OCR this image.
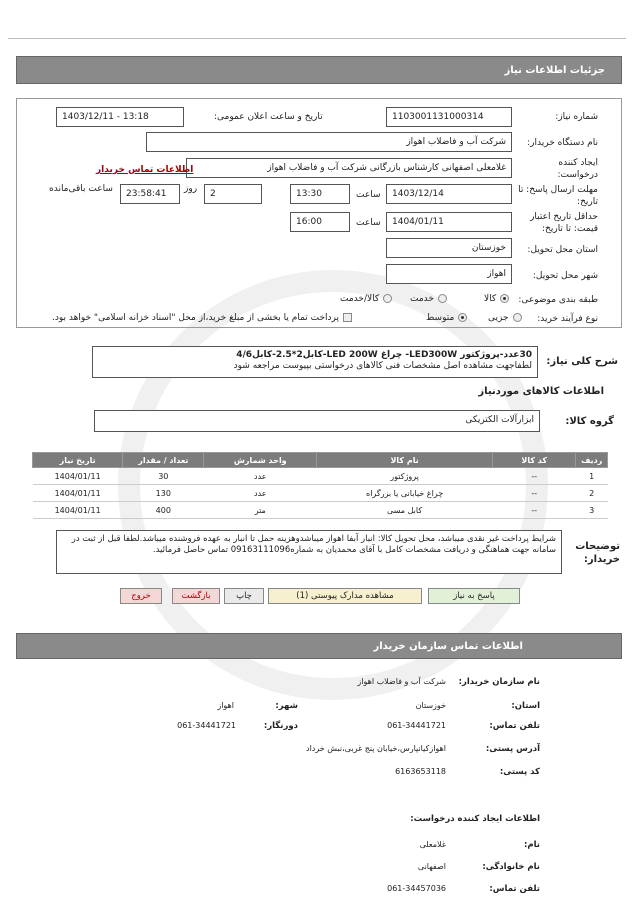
جزئیات اطلاعات نیاز
شماره نیاز:
1103001131000314
تاریخ و ساعت اعلان عمومی:
1403/12/11 - 13:18
نام دستگاه خریدار:
شرکت آب و فاضلاب اهواز
ایجاد کننده درخواست:
غلامعلی اصفهانی کارشناس بازرگانی شرکت آب و فاضلاب اهواز
اطلاعات تماس خریدار
مهلت ارسال پاسخ: تا تاریخ:
1403/12/14
ساعت
13:30
2
روز
23:58:41
ساعت باقی‌مانده
حداقل تاریخ اعتبار قیمت: تا تاریخ:
1404/01/11
ساعت
16:00
استان محل تحویل:
خوزستان
شهر محل تحویل:
اهواز
طبقه بندی موضوعی:
کالا
خدمت
کالا/خدمت
نوع فرآیند خرید:
جزیی
متوسط
پرداخت تمام یا بخشی از مبلغ خرید،از محل "اسناد خزانه اسلامی" خواهد بود.
شرح کلی نیاز:
30عدد-پروژکتور LED300W- چراغ LED 200W-کابل2*2.5-کابل4/6
لطفاجهت مشاهده اصل مشخصات فنی کالاهای درخواستی بپیوست مراجعه شود
اطلاعات کالاهای موردنیاز
گروه کالا:
ابزارآلات الکتریکی
ردیف	کد کالا	نام کالا	واحد شمارش	تعداد / مقدار	تاریخ نیاز
1	--	پروژکتور	عدد	30	1404/01/11
2	--	چراغ خیابانی یا بزرگراه	عدد	130	1404/01/11
3	--	کابل مسی	متر	400	1404/01/11
توضیحات خریدار:
شرایط پرداخت غیر نقدی میباشد، محل تحویل کالا: انبار آبفا اهواز میباشدوهزینه حمل تا انبار به عهده فروشنده میباشد.لطفا قبل از ثبت در سامانه جهت هماهنگی و دریافت مشخصات کامل با آقای محمدیان به شماره09163111096 تماس حاصل فرمائید.
پاسخ به نیاز
مشاهده مدارک پیوستی (1)
چاپ
بازگشت
خروج
اطلاعات تماس سازمان خریدار
نام سازمان خریدار:
شرکت آب و فاضلاب اهواز
استان:
خوزستان
شهر:
اهواز
تلفن تماس:
061-34441721
دورنگار:
061-34441721
آدرس پستی:
اهوازکیانپارس،خیابان پنج غربی،نبش خرداد
کد پستی:
6163653118
اطلاعات ایجاد کننده درخواست:
نام:
غلامعلی
نام خانوادگی:
اصفهانی
تلفن تماس:
061-34457036
